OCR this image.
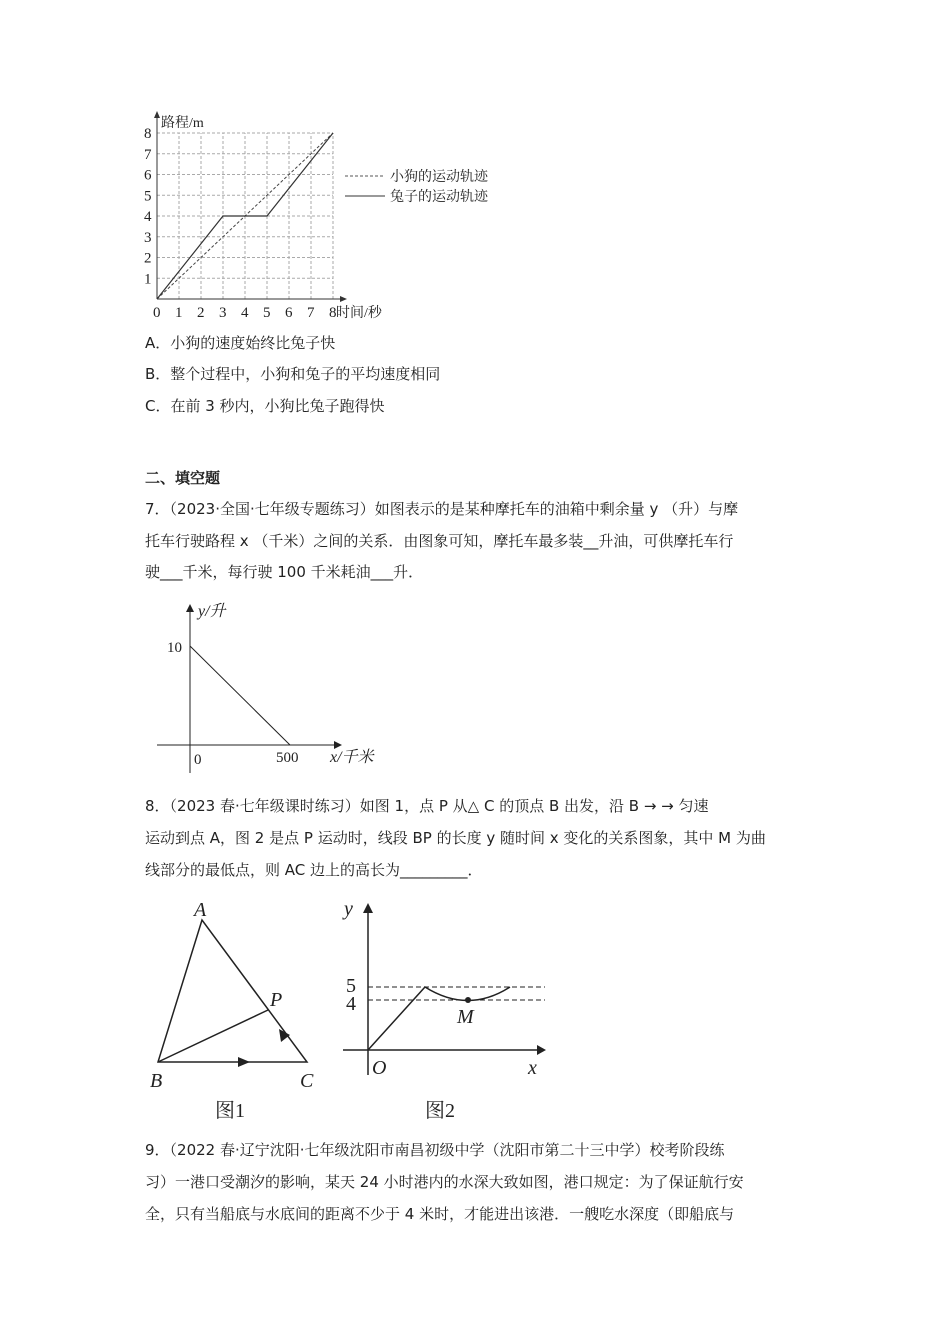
路程/m
时间/秒
0 1 2 3 4 5 6 7 8
1
2
3
4
5
6
7
8
小狗的运动轨迹
兔子的运动轨迹
A．小狗的速度始终比兔子快
B．整个过程中，小狗和兔子的平均速度相同
C．在前 3 秒内，小狗比兔子跑得快
二、填空题
7．（2023·全国·七年级专题练习）如图表示的是某种摩托车的油箱中剩余量 y （升）与摩
托车行驶路程 x （千米）之间的关系．由图象可知，摩托车最多装__升油，可供摩托车行
驶___千米，每行驶 100 千米耗油___升．
y/升
10
0	500 x/千米
8．（2023 春·七年级课时练习）如图 1，点 P 从△ C 的顶点 B 出发，沿 B → → 匀速
运动到点 A，图 2 是点 P 运动时，线段 BP 的长度 y 随时间 x 变化的关系图象，其中 M 为曲
线部分的最低点，则 AC 边上的高长为_________．
A
B	C
P
图1
y
5
4
M
O	x
图2
9．（2022 春·辽宁沈阳·七年级沈阳市南昌初级中学（沈阳市第二十三中学）校考阶段练
习）一港口受潮汐的影响，某天 24 小时港内的水深大致如图，港口规定：为了保证航行安
全，只有当船底与水底间的距离不少于 4 米时，才能进出该港．一艘吃水深度（即船底与
